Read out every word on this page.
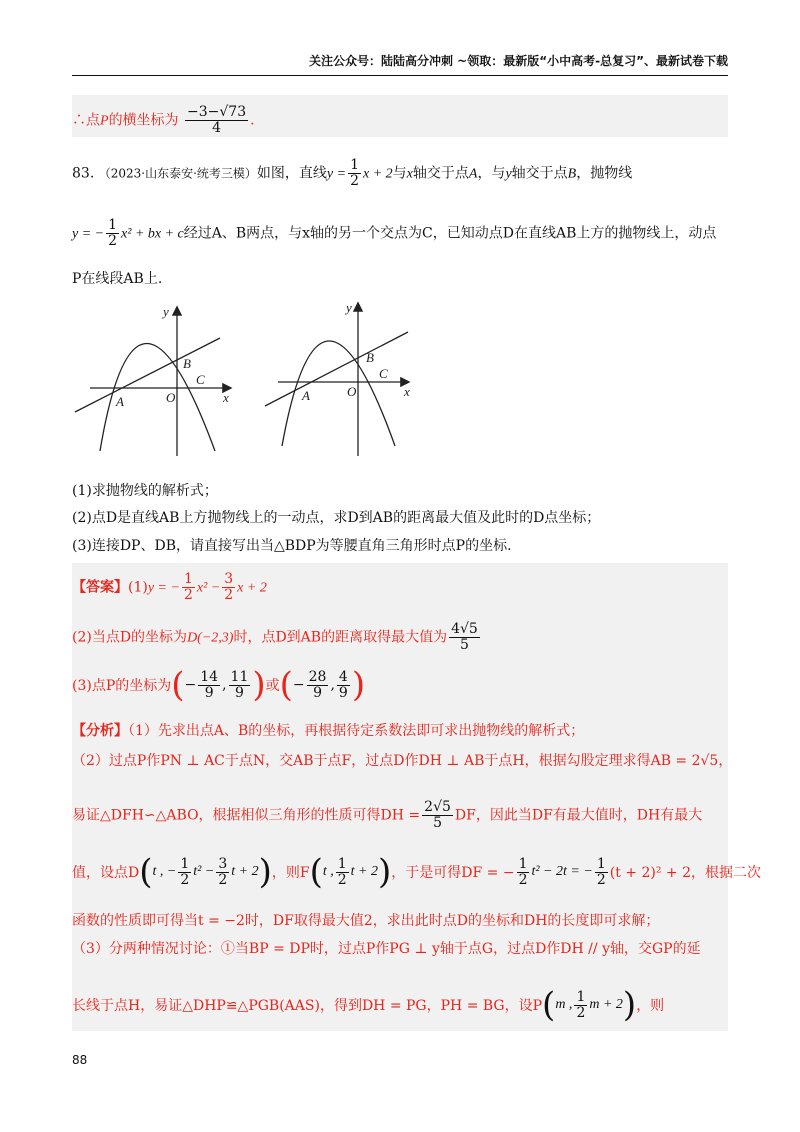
关注公众号：陆陆高分冲刺 ~领取：最新版“小中高考-总复习”、最新试卷下载
∴点P的横坐标为 $\frac{-3-√73}{4}$ .
83. （2023·山东泰安·统考三模）如图，直线$y = \frac{1}{2}$ x + 2与x轴交于点A，与y轴交于点B，抛物线
y = − $\frac{1}{2} x^2$ + bx + c经过A、B两点，与x轴的另一个交点为C，已知动点D在直线AB上方的抛物线上，动点
P在线段AB上.
y
x
A	O
B
C
y
x
A	O
B
C
(1)求抛物线的解析式；
(2)点D是直线AB上方抛物线上的一动点，求D到AB的距离最大值及此时的D点坐标；
(3)连接DP、DB，请直接写出当△BDP为等腰直角三角形时点P的坐标.
【答案】(1)y = − $\frac{1}{2} x^2 - \frac{3}{2}$ x + 2
(2)当点D的坐标为D(−2,3)时，点D到AB的距离取得最大值为 $\frac{4√5}{5}$
(3)点P的坐标为(− $\frac{14}{9}$ , $\frac{11}{9}$ )或(− $\frac{28}{9}$ , $\frac{4}{9}$ )
【分析】（1）先求出点A、B的坐标，再根据待定系数法即可求出抛物线的解析式；
（2）过点P作PN ⊥ AC于点N，交AB于点F，过点D作DH ⊥ AB于点H，根据勾股定理求得AB = 2√5，
易证△DFH∽△ABO，根据相似三角形的性质可得DH = $\frac{2√5}{5}$ DF，因此当DF有最大值时，DH有最大
值，设点D(t , − $\frac{1}{2} t^2 - \frac{3}{2}$ t + 2)，则F(t , $\frac{1}{2}$ t + 2)，于是可得DF = − $\frac{1}{2} t^2 - 2t$ = − $\frac{1}{2} (t + 2)^2 + 2$，根据二次
函数的性质即可得当t = −2时，DF取得最大值2，求出此时点D的坐标和DH的长度即可求解；
（3）分两种情况讨论：①当BP = DP时，过点P作PG ⊥ y轴于点G，过点D作DH // y轴，交GP的延
长线于点H，易证△DHP≌△PGB(AAS)，得到DH = PG，PH = BG，设P(m , $\frac{1}{2}$ m + 2)，则
88
